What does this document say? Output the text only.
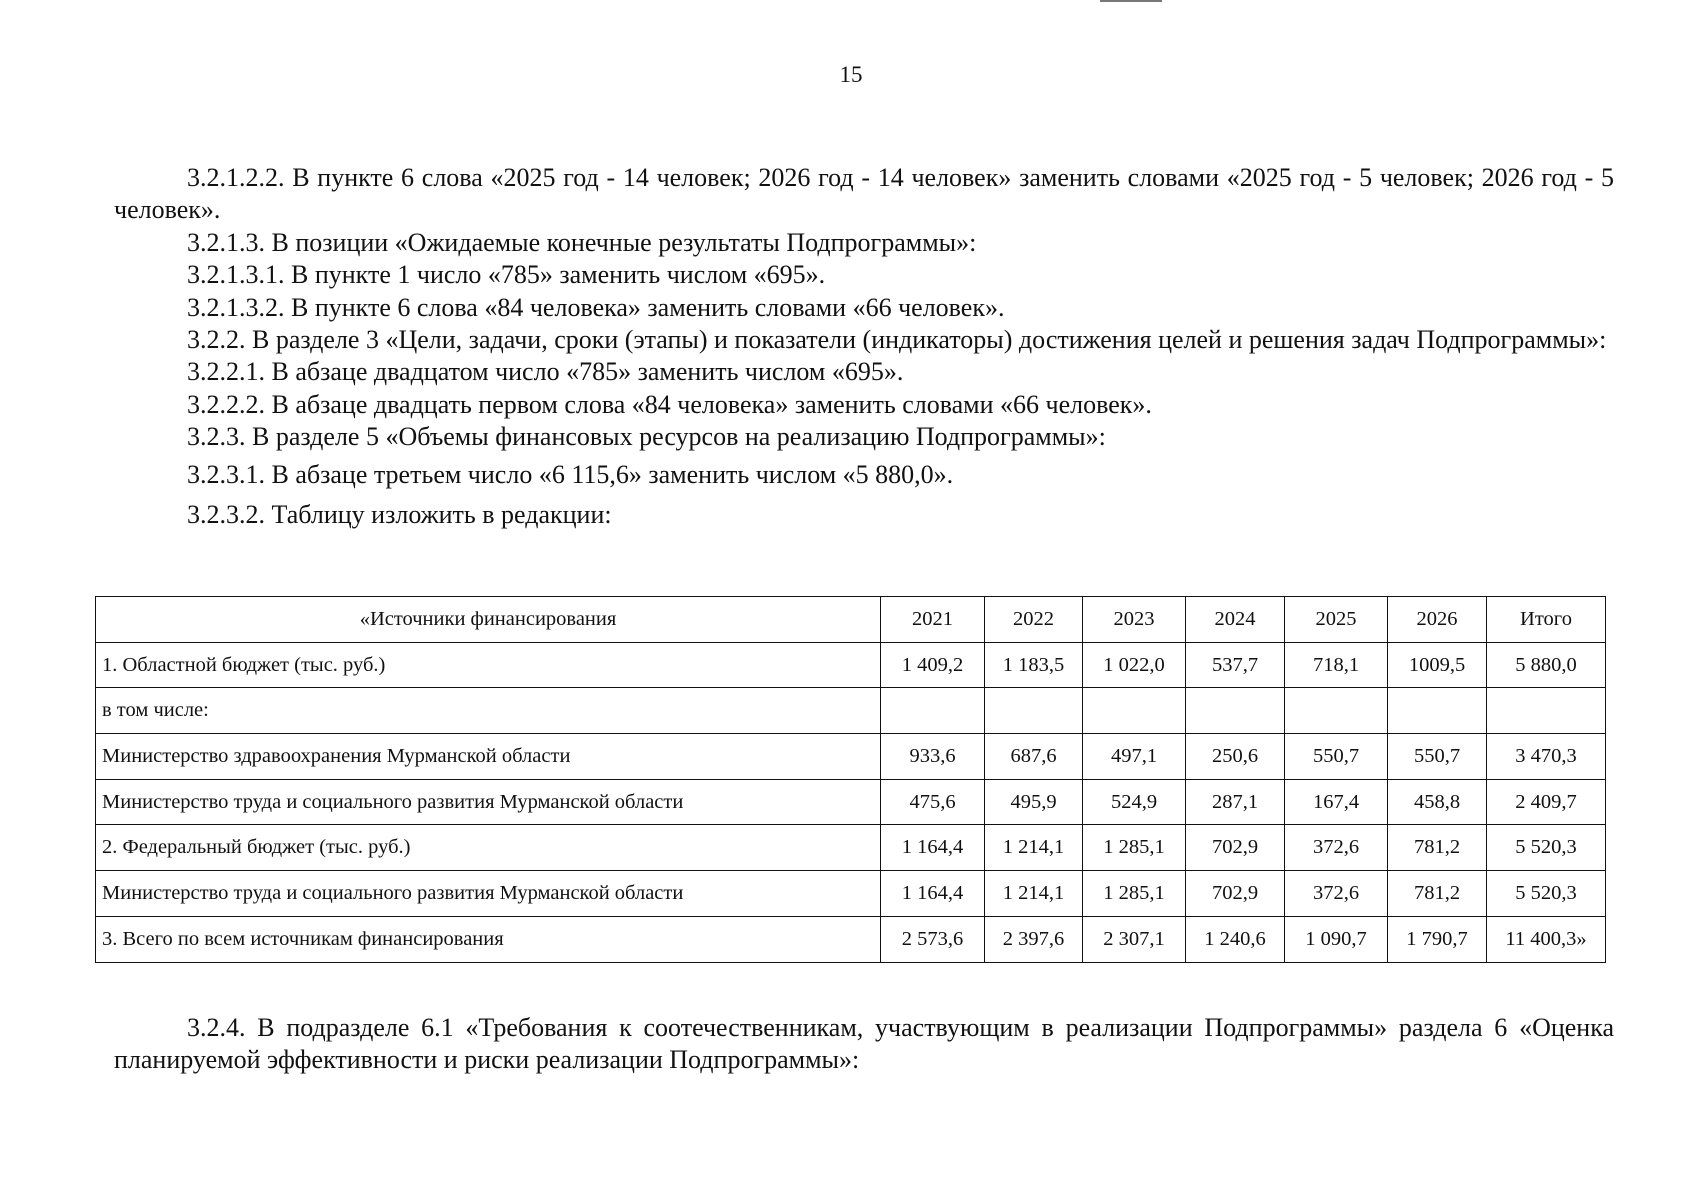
15

3.2.1.2.2. В пункте 6 слова «2025 год - 14 человек; 2026 год - 14 человек» заменить словами «2025 год - 5 человек; 2026 год - 5 человек».

3.2.1.3. В позиции «Ожидаемые конечные результаты Подпрограммы»:

3.2.1.3.1. В пункте 1 число «785» заменить числом «695».

3.2.1.3.2. В пункте 6 слова «84 человека» заменить словами «66 человек».

3.2.2. В разделе 3 «Цели, задачи, сроки (этапы) и показатели (индикаторы) достижения целей и решения задач Подпрограммы»:

3.2.2.1. В абзаце двадцатом число «785» заменить числом «695».

3.2.2.2. В абзаце двадцать первом слова «84 человека» заменить словами «66 человек».

3.2.3. В разделе 5 «Объемы финансовых ресурсов на реализацию Подпрограммы»:

3.2.3.1. В абзаце третьем число «6 115,6» заменить числом «5 880,0».

3.2.3.2. Таблицу изложить в редакции:

«Источники финансирования	2021	2022	2023	2024	2025	2026	Итого
1. Областной бюджет (тыс. руб.)	1 409,2	1 183,5	1 022,0	537,7	718,1	1009,5	5 880,0
в том числе:							
Министерство здравоохранения Мурманской области	933,6	687,6	497,1	250,6	550,7	550,7	3 470,3
Министерство труда и социального развития Мурманской области	475,6	495,9	524,9	287,1	167,4	458,8	2 409,7
2. Федеральный бюджет (тыс. руб.)	1 164,4	1 214,1	1 285,1	702,9	372,6	781,2	5 520,3
Министерство труда и социального развития Мурманской области	1 164,4	1 214,1	1 285,1	702,9	372,6	781,2	5 520,3
3. Всего по всем источникам финансирования	2 573,6	2 397,6	2 307,1	1 240,6	1 090,7	1 790,7	11 400,3»

3.2.4. В подразделе 6.1 «Требования к соотечественникам, участвующим в реализации Подпрограммы» раздела 6 «Оценка планируемой эффективности и риски реализации Подпрограммы»:
